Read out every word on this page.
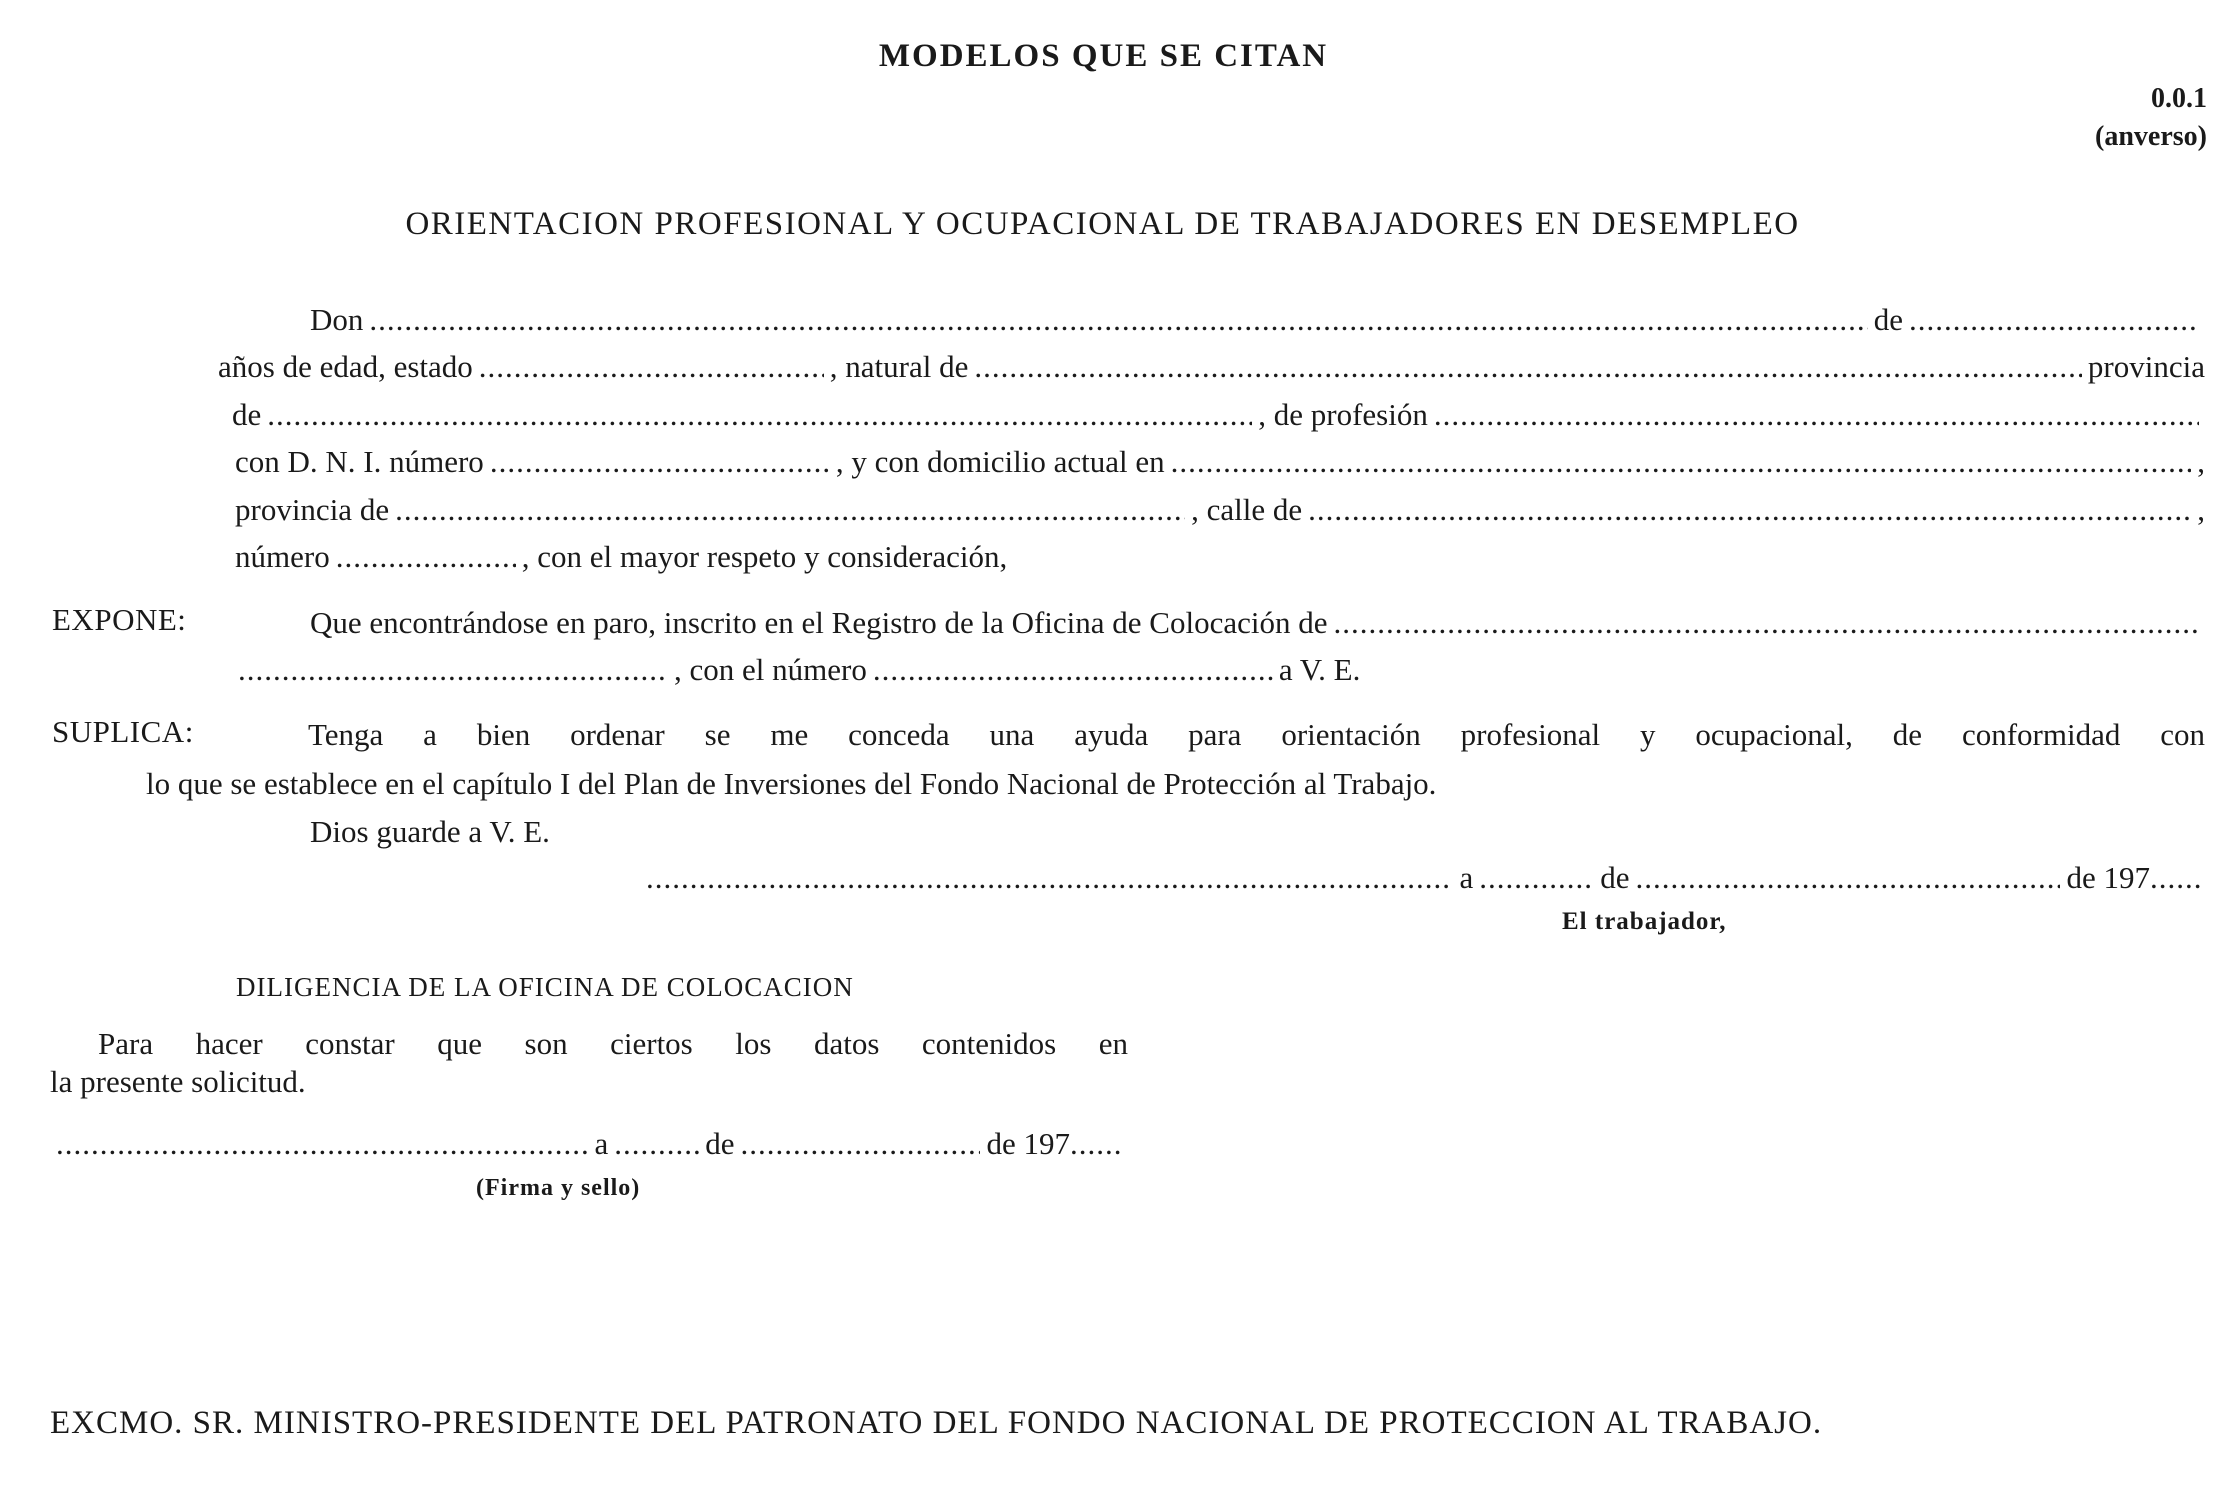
MODELOS QUE SE CITAN
0.0.1
(anverso)
ORIENTACION PROFESIONAL Y OCUPACIONAL DE TRABAJADORES EN DESEMPLEO
Don .....	de
.....
años de edad, estado .....	, natural de .....	provincia
de .....	, de profesión
.....
con D. N. I. número .....	, y con domicilio actual en .....	,
provincia de .....	, calle de .....	,
número .....	, con el mayor respeto y consideración,
EXPONE:	Que encontrándose en paro, inscrito en el Registro de la Oficina de Colocación de
.....
.....
, con el número .....	a V. E.
SUPLICA:	Tenga a bien ordenar se me conceda una ayuda para orientación profesional y ocupacional, de conformidad con
lo que se establece en el capítulo I del Plan de Inversiones del Fondo Nacional de Protección al Trabajo.
Dios guarde a V. E.
.....
a .....	de .....	de 197
.....
El trabajador,
DILIGENCIA DE LA OFICINA DE COLOCACION
Para hacer constar que son ciertos los datos contenidos en
la presente solicitud.
.....
a .....	de .....	de 197
.....
(Firma y sello)
EXCMO. SR. MINISTRO-PRESIDENTE DEL PATRONATO DEL FONDO NACIONAL DE PROTECCION AL TRABAJO.
